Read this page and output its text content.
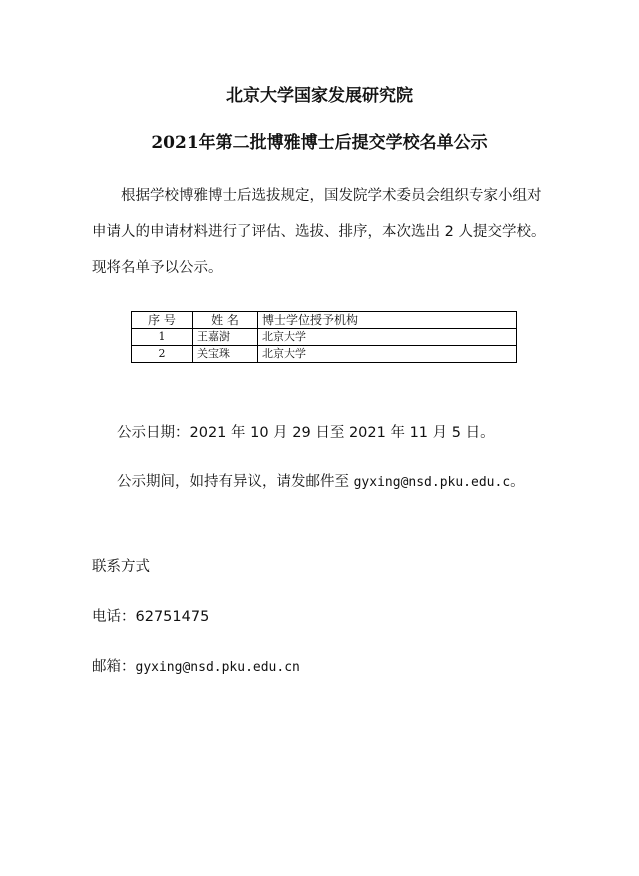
北京大学国家发展研究院
2021年第二批博雅博士后提交学校名单公示

根据学校博雅博士后选拔规定，国发院学术委员会组织专家小组对申请人的申请材料进行了评估、选拔、排序，本次选出 2 人提交学校。现将名单予以公示。

序 号	姓 名	博士学位授予机构
1	王嘉澍	北京大学
2	关宝珠	北京大学

公示日期：2021 年 10 月 29 日至 2021 年 11 月 5 日。

公示期间，如持有异议，请发邮件至 gyxing@nsd.pku.edu.c。

联系方式

电话：62751475

邮箱：gyxing@nsd.pku.edu.cn
